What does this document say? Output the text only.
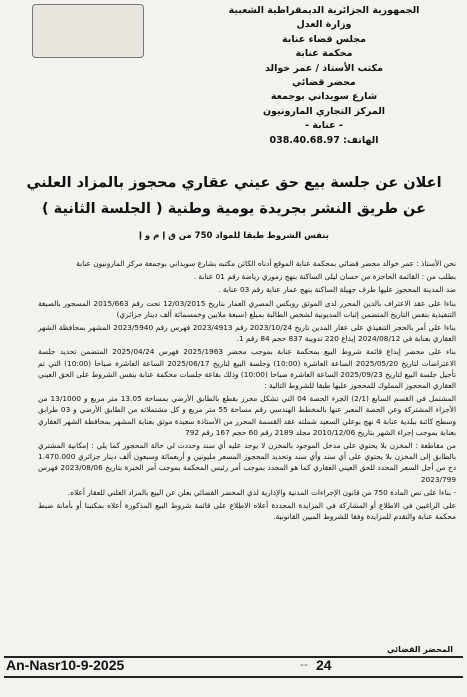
الجمهورية الجزائرية الديمقراطية الشعبية
وزارة العدل
مجلس قضاء عنابة
محكمة عنابة
مكتب الأستاذ / عمر خوالد
محضر قضائي
شارع سويداني بوجمعة
المركز التجاري المارونيون
- عنابة -
الهاتف: 038.40.68.97
اعلان عن جلسة بيع حق عيني عقاري محجوز بالمزاد العلني
عن طريق النشر بجريدة يومية وطنية ( الجلسة الثانية )
بنفس الشروط طبقا للمواد 750 من ق إ م و إ

نحن الأستاذ : عمر خوالد محضر قضائي بمحكمة عنابة الموقع أدناه الكائن مكتبه بشارع سويداني بوجمعة مركز المارونيون عنابة

بطلب من : القائمة الحاجزة من حسان ليلى الساكنة بنهج زموري رياضة رقم 01 عنابة .

ضد المدينة المحجوز عليها طرف جهيلة الساكنة بنهج عمار عنابة رقم 03 عنابة .

بناءا على عقد الاعتراف بالدين المحرر لدى الموثق روبكس المصري العمار بتاريخ 12/03/2015 تحت رقم 2015/663 المسجور بالصيغة التنفيذية بنفس التاريخ المتضمن إثبات المديونية لشخص الطالبة بمبلغ (سبعة ملايين وخمسمائة ألف دينار جزائري)

بناءا على أمر بالحجز التنفيذي على عقار المدين تاريخ 2023/10/24 رقم 2023/4913 فهرس رقم 2023/5940 المشهر بمحافظة الشهر العقاري بعنابة في 2024/08/12 إيداع 220 تدويبة 837 حجم 84 رقم 1.

بناء على محضر إيداع قائمة شروط البيع بمحكمة عنابة بموجب محضر 2025/1963 فهرس 2025/04/24 المتضمن تحديد جلسة الاعتراضات لتاريخ 2025/05/20 الساعة العاشرة (10:00) وجلسة البيع لتاريخ 2025/06/17 الساعة العاشرة صباحا (10:00) التي تم تأجيل جلسة البيع لتاريخ 2025/09/23 الساعة العاشرة صباحا (10:00) وذلك بقاعة جلسات محكمة عنابة بنفس الشروط على الحق العيني العقاري المحجوز المملوك للمحجوز عليها طبقا للشروط التالية :

المشتمل في القسم السابع (2/1) الجزء الحصة 04 التي تشكل محرز بقطع بالطابق الأرضي بمساحة 13.05 متر مربع و 13/1000 من الأجزاء المشتركة وعن الحصة المعبر عنها بالمخطط الهندسي رقم مساحة 55 متر مربع و كل مشتملاته من الطابق الأرضي و 03 طرابق وسطح كائنة ببلدية عنابة 4 نهج بوعلي السعيد شملته عقد القسمة المحرر من الأستاذة سعيدة موثق بعنابة المشهر بمحافظة الشهر العقاري بعنابة بموجب إجراء الشهر بتاريخ 2010/12/06 مجلد 2189 رقم 60 حجم 167 رقم 792

من مقاطعة : المخزن بلا يحتوي على مدخل الموجود بالمخزن لا يوجد عليه أي سند وحددت لي حالة المحجوز كما يلي : إمكانية المشتري بالطابق إلى المخزن بلا يحتوي على أي سند وأي سند وتحديد المحجوز المسعر مليونين و أربعمائة وسبعون ألف دينار جزائري 1.470.000 دج من أجل السعر المحدد للحق العيني العقاري كما هو المحدد بموجب أمر رئيس المحكمة بموجب أمر الخبرة بتاريخ 2023/08/06 فهرس 2023/799

- بناءا على نص المادة 750 من قانون الإجراءات المدنية والإدارية لذي المحضر القضائي بعلن عن البيع بالمزاد العلني للعقار أعلاه.

على الراغبين في الاطلاع أو المشاركة في المزايدة المحددة أعلاه الاطلاع على قائمة شروط البيع المذكورة أعلاه بمكتبنا أو بأمانة ضبط محكمة عنابة والتقدم للمزايدة وفقا للشروط المبين القانونية.

المحضر القضائي
An-Nasr10-9-2025	-- 24
